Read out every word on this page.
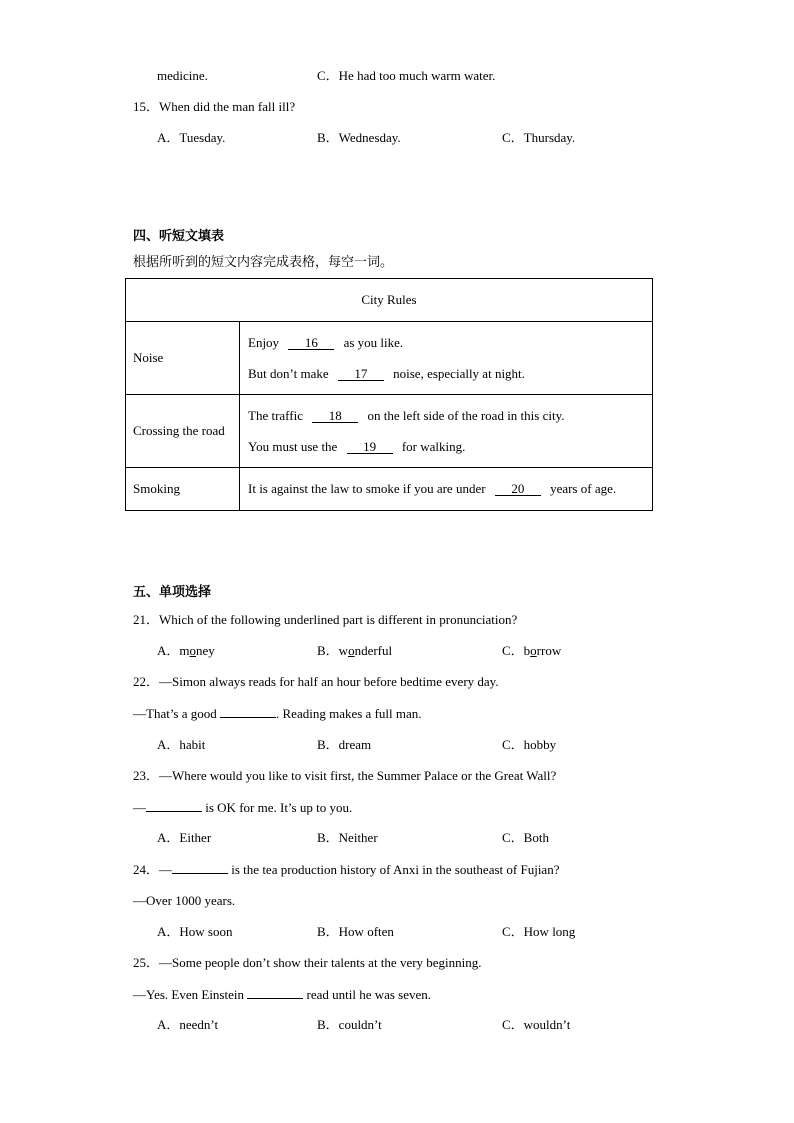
medicine.	C．He had too much warm water.
15．When did the man fall ill?
A．Tuesday.	B．Wednesday.	C．Thursday.
四、听短文填表
根据所听到的短文内容完成表格，每空一词。
City Rules	
Noise	Enjoy 16 as you like.
But don’t make 17 noise, especially at night.

Crossing the road	The traffic 18 on the left side of the road in this city.
You must use the 19 for walking.

Smoking	It is against the law to smoke if you are under 20 years of age.
五、单项选择
21．Which of the following underlined part is different in pronunciation?
A．money	B．wonderful	C．borrow
22．—Simon always reads for half an hour before bedtime every day.
—That’s a good	. Reading makes a full man.
A．habit	B．dream	C．hobby
23．—Where would you like to visit first, the Summer Palace or the Great Wall?
—	is OK for me. It’s up to you.
A．Either	B．Neither	C．Both
24．—	is the tea production history of Anxi in the southeast of Fujian?
—Over 1000 years.
A．How soon	B．How often	C．How long
25．—Some people don’t show their talents at the very beginning.
—Yes. Even Einstein	read until he was seven.
A．needn’t	B．couldn’t	C．wouldn’t
